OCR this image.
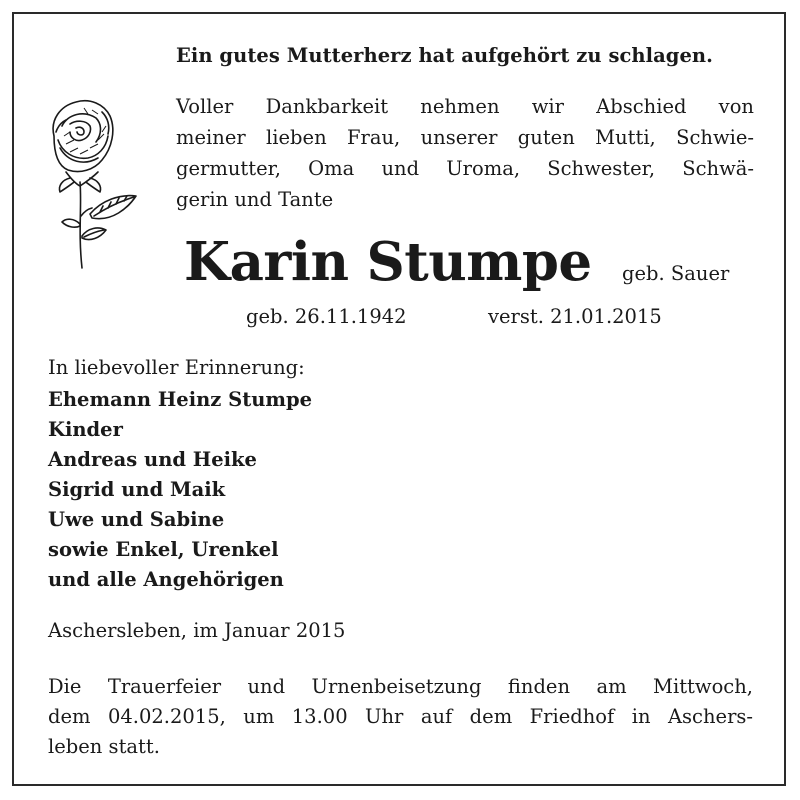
Ein gutes Mutterherz hat aufgehört zu schlagen.

Voller Dankbarkeit nehmen wir Abschied von
meiner lieben Frau, unserer guten Mutti, Schwie-
germutter, Oma und Uroma, Schwester, Schwä-
gerin und Tante

Karin Stumpe geb. Sauer

geb. 26.11.1942	verst. 21.01.2015

In liebevoller Erinnerung:

Ehemann Heinz Stumpe
Kinder
Andreas und Heike
Sigrid und Maik
Uwe und Sabine
sowie Enkel, Urenkel
und alle Angehörigen

Aschersleben, im Januar 2015

Die Trauerfeier und Urnenbeisetzung finden am Mittwoch,
dem 04.02.2015, um 13.00 Uhr auf dem Friedhof in Aschers-
leben statt.
